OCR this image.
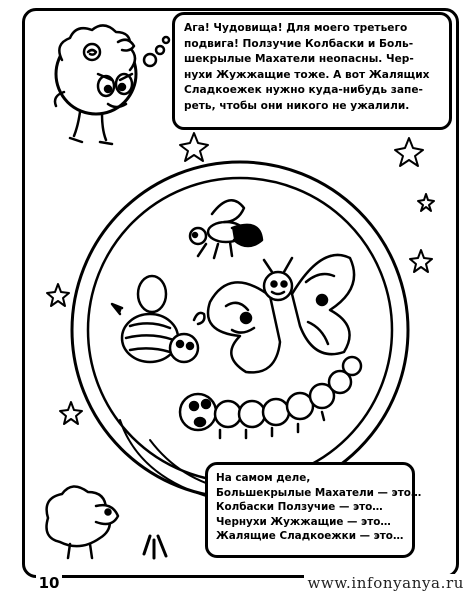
Ага! Чудовища! Для моего третьего
подвига! Ползучие Колбаски и Боль-
шекрылые Махатели неопасны. Чер-
нухи Жужжащие тоже. А вот Жалящих
Сладкоежек нужно куда-нибудь запе-
реть, чтобы они никого не ужалили.

На самом деле,
Большекрылые Махатели — это…
Колбаски Ползучие — это…
Чернухи Жужжащие — это…
Жалящие Сладкоежки — это…

10	www.infonyanya.ru
